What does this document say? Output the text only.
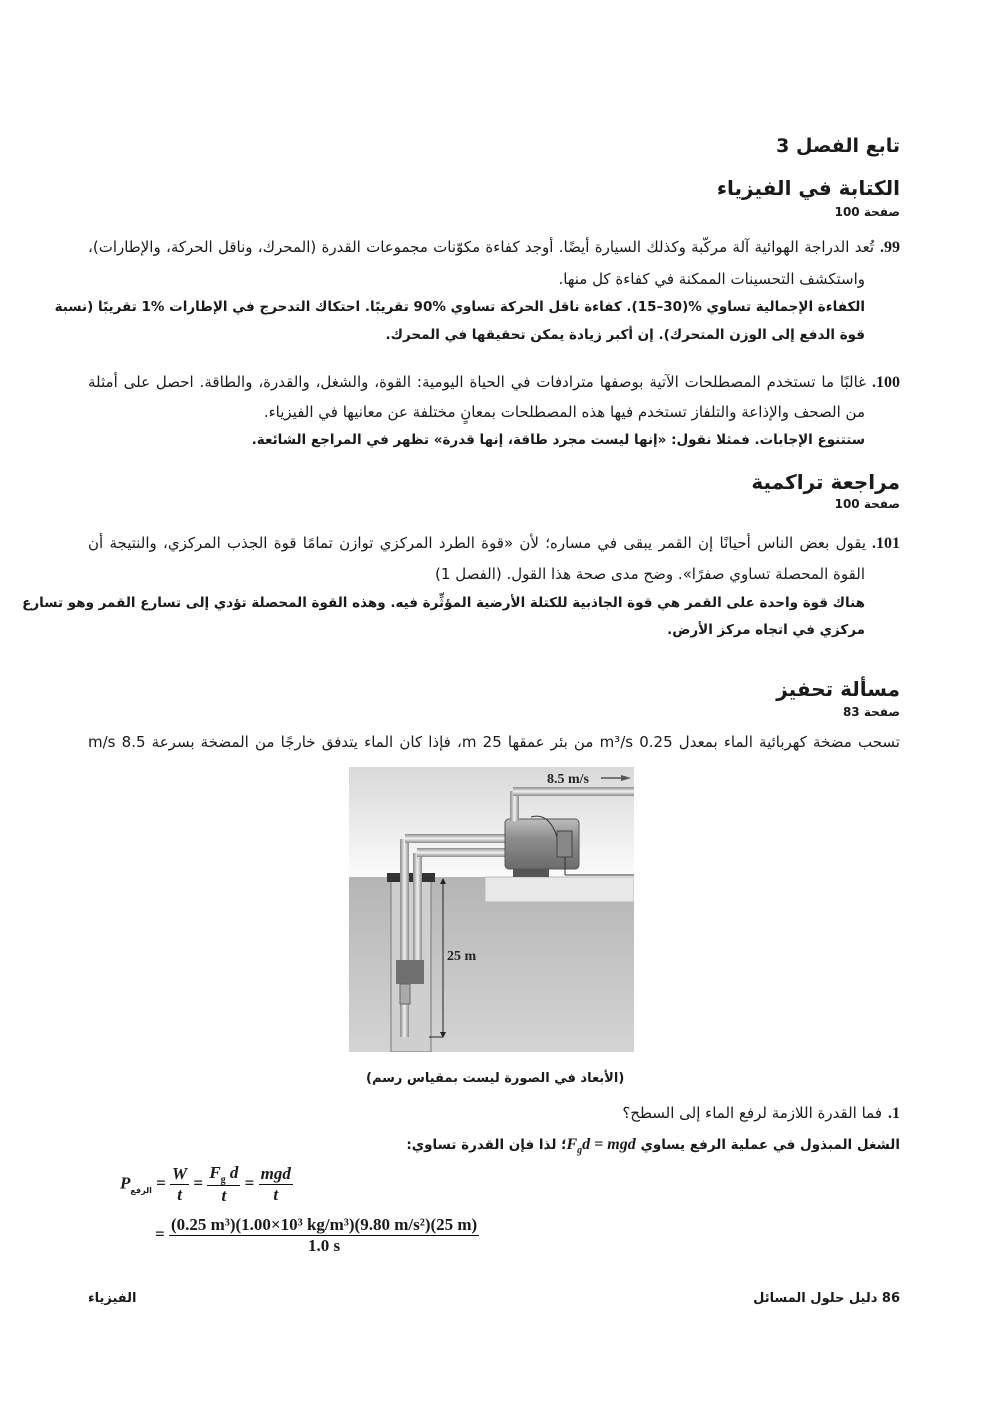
تابع الفصل 3
الكتابة في الفيزياء
صفحة 100
99.تُعد الدراجة الهوائية آلة مركّبة وكذلك السيارة أيضًا. أوجد كفاءة مكوّنات مجموعات القدرة (المحرك، وناقل الحركة، والإطارات)،
واستكشف التحسينات الممكنة في كفاءة كل منها.
الكفاءة الإجمالية تساوي %(30–15). كفاءة ناقل الحركة تساوي %90 تقريبًا. احتكاك التدحرج في الإطارات %1 تقريبًا (نسبة
قوة الدفع إلى الوزن المتحرك). إن أكبر زيادة يمكن تحقيقها في المحرك.
100.غالبًا ما تستخدم المصطلحات الآتية بوصفها مترادفات في الحياة اليومية: القوة، والشغل، والقدرة، والطاقة. احصل على أمثلة
من الصحف والإذاعة والتلفاز تستخدم فيها هذه المصطلحات بمعانٍ مختلفة عن معانيها في الفيزياء.
ستتنوع الإجابات. فمثلا نقول: «إنها ليست مجرد طاقة، إنها قدرة» تظهر في المراجع الشائعة.
مراجعة تراكمية
صفحة 100
101.يقول بعض الناس أحيانًا إن القمر يبقى في مساره؛ لأن «قوة الطرد المركزي توازن تمامًا قوة الجذب المركزي، والنتيجة أن
القوة المحصلة تساوي صفرًا». وضح مدى صحة هذا القول. (الفصل 1)
هناك قوة واحدة على القمر هي قوة الجاذبية للكتلة الأرضية المؤثِّرة فيه. وهذه القوة المحصلة تؤدي إلى تسارع القمر وهو تسارع
مركزي في اتجاه مركز الأرض.
مسألة تحفيز
صفحة 83
تسحب مضخة كهربائية الماء بمعدل 0.25 m³/s من بئر عمقها 25 m، فإذا كان الماء يتدفق خارجًا من المضخة بسرعة 8.5 m/s
25 m
8.5 m/s
(الأبعاد في الصورة ليست بمقياس رسم)
1.فما القدرة اللازمة لرفع الماء إلى السطح؟
الشغل المبذول في عملية الرفع يساوي $F_gd$ = mgd؛ لذا فإن القدرة تساوي:
$P_{الرفع} = \frac{W}{t} = \frac{F_g d}{t} = \frac{\text{mgd}}{t}$
= $\frac{\text{(0.25 m³)(1.00×10³ kg/m³)(9.80 m/s²)(25 m)}}{1.0 s}$
الفيزياء	86 دليل حلول المسائل
